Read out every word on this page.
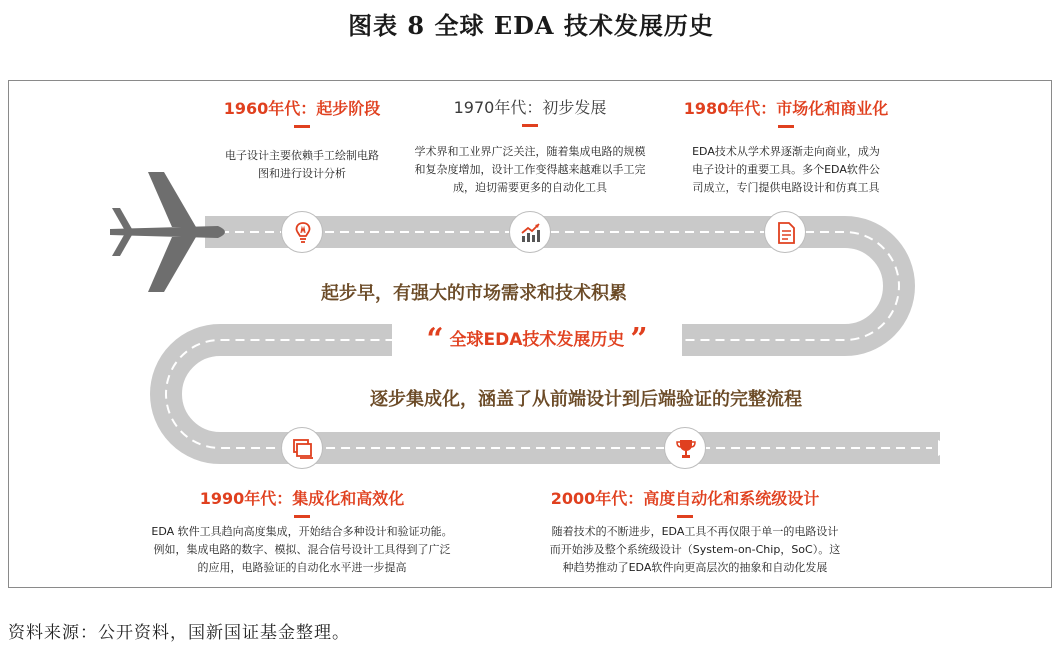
图表 8 全球 EDA 技术发展历史
1960年代：起步阶段
电子设计主要依赖手工绘制电路
图和进行设计分析
1970年代：初步发展
学术界和工业界广泛关注，随着集成电路的规模
和复杂度增加，设计工作变得越来越难以手工完
成，迫切需要更多的自动化工具
1980年代：市场化和商业化
EDA技术从学术界逐渐走向商业，成为
电子设计的重要工具。多个EDA软件公
司成立，专门提供电路设计和仿真工具
起步早，有强大的市场需求和技术积累
“ 全球EDA技术发展历史 ”
逐步集成化，涵盖了从前端设计到后端验证的完整流程
1990年代：集成化和高效化
EDA 软件工具趋向高度集成，开始结合多种设计和验证功能。
例如，集成电路的数字、模拟、混合信号设计工具得到了广泛
的应用，电路验证的自动化水平进一步提高
2000年代：高度自动化和系统级设计
随着技术的不断进步，EDA工具不再仅限于单一的电路设计
而开始涉及整个系统级设计（System-on-Chip，SoC）。这
种趋势推动了EDA软件向更高层次的抽象和自动化发展
资料来源：公开资料，国新国证基金整理。
